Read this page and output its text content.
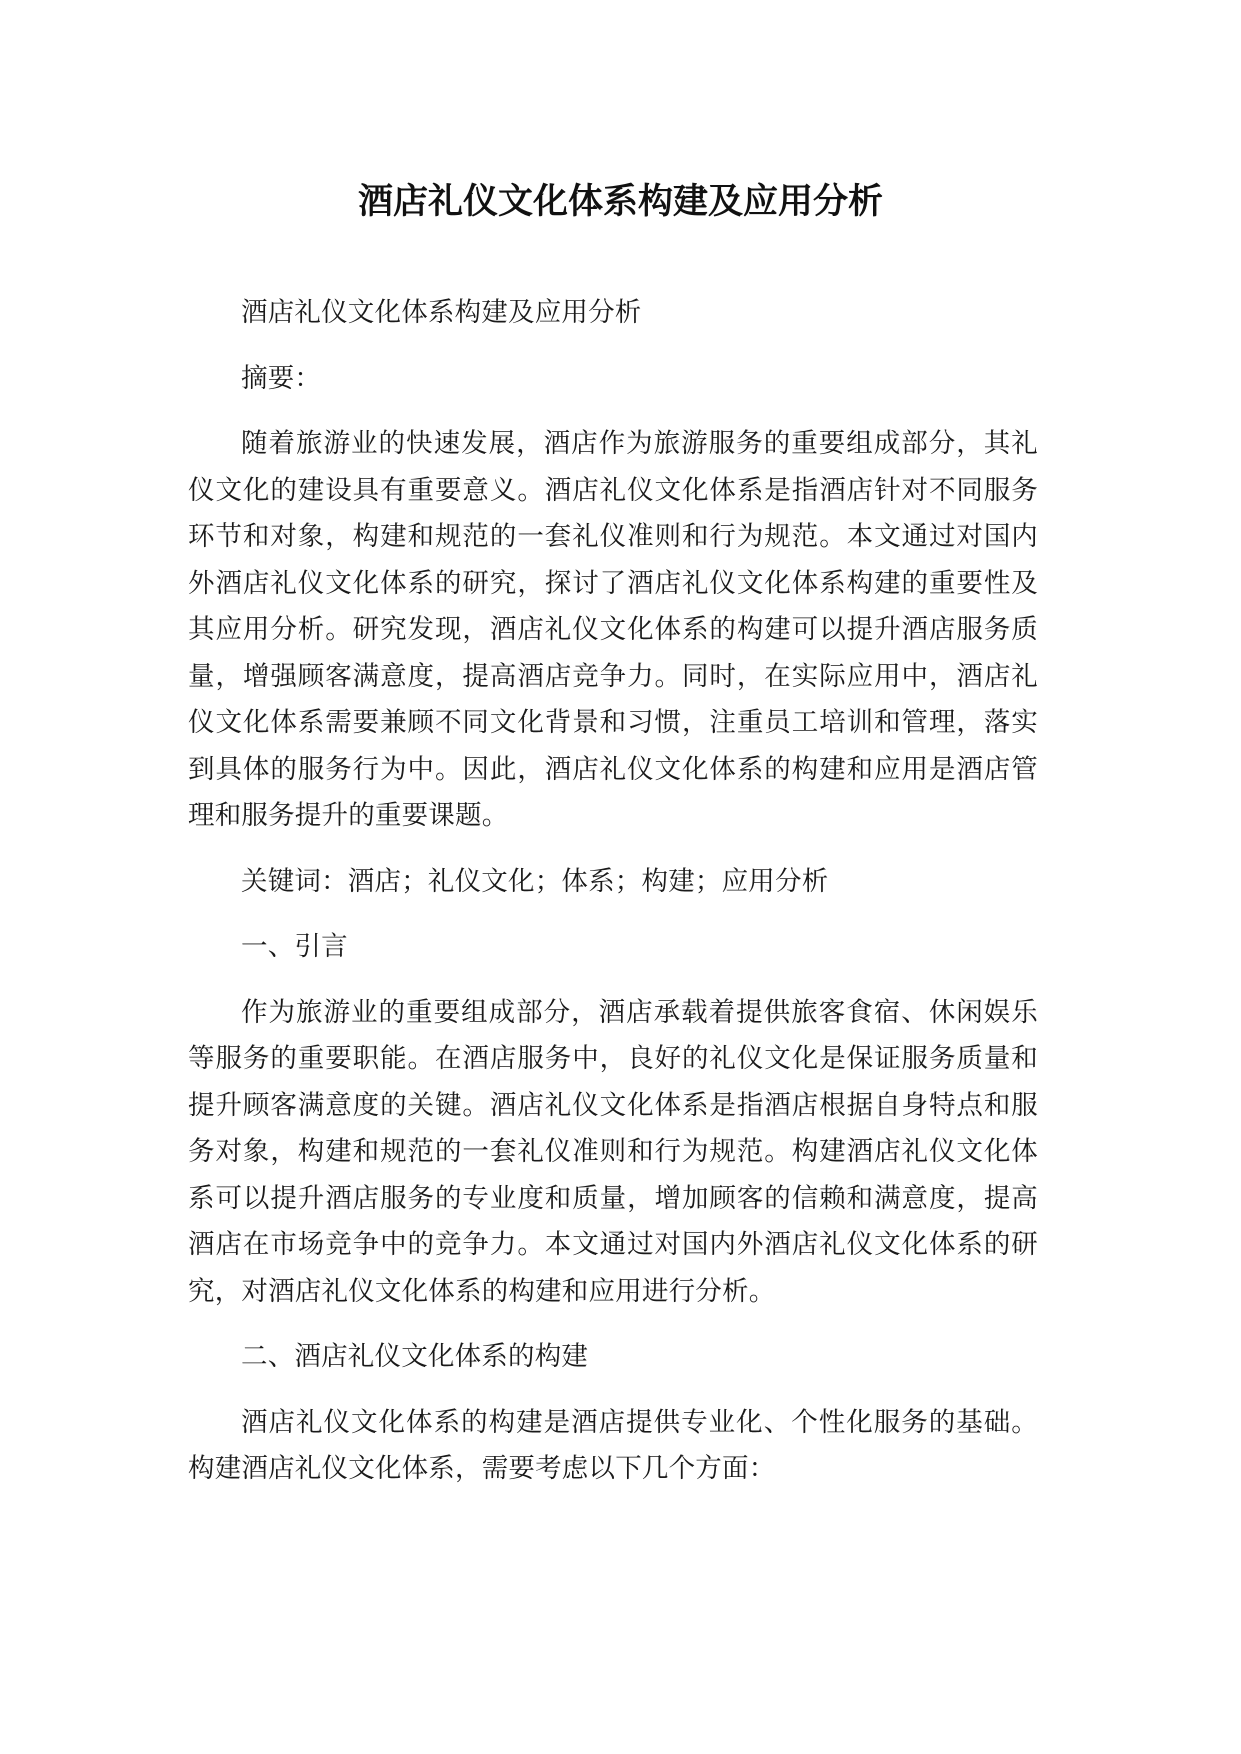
酒店礼仪文化体系构建及应用分析

酒店礼仪文化体系构建及应用分析

摘要：

随着旅游业的快速发展，酒店作为旅游服务的重要组成部分，其礼仪文化的建设具有重要意义。酒店礼仪文化体系是指酒店针对不同服务环节和对象，构建和规范的一套礼仪准则和行为规范。本文通过对国内外酒店礼仪文化体系的研究，探讨了酒店礼仪文化体系构建的重要性及其应用分析。研究发现，酒店礼仪文化体系的构建可以提升酒店服务质量，增强顾客满意度，提高酒店竞争力。同时，在实际应用中，酒店礼仪文化体系需要兼顾不同文化背景和习惯，注重员工培训和管理，落实到具体的服务行为中。因此，酒店礼仪文化体系的构建和应用是酒店管理和服务提升的重要课题。

关键词：酒店；礼仪文化；体系；构建；应用分析

一、引言

作为旅游业的重要组成部分，酒店承载着提供旅客食宿、休闲娱乐等服务的重要职能。在酒店服务中，良好的礼仪文化是保证服务质量和提升顾客满意度的关键。酒店礼仪文化体系是指酒店根据自身特点和服务对象，构建和规范的一套礼仪准则和行为规范。构建酒店礼仪文化体系可以提升酒店服务的专业度和质量，增加顾客的信赖和满意度，提高酒店在市场竞争中的竞争力。本文通过对国内外酒店礼仪文化体系的研究，对酒店礼仪文化体系的构建和应用进行分析。

二、酒店礼仪文化体系的构建

酒店礼仪文化体系的构建是酒店提供专业化、个性化服务的基础。构建酒店礼仪文化体系，需要考虑以下几个方面：
